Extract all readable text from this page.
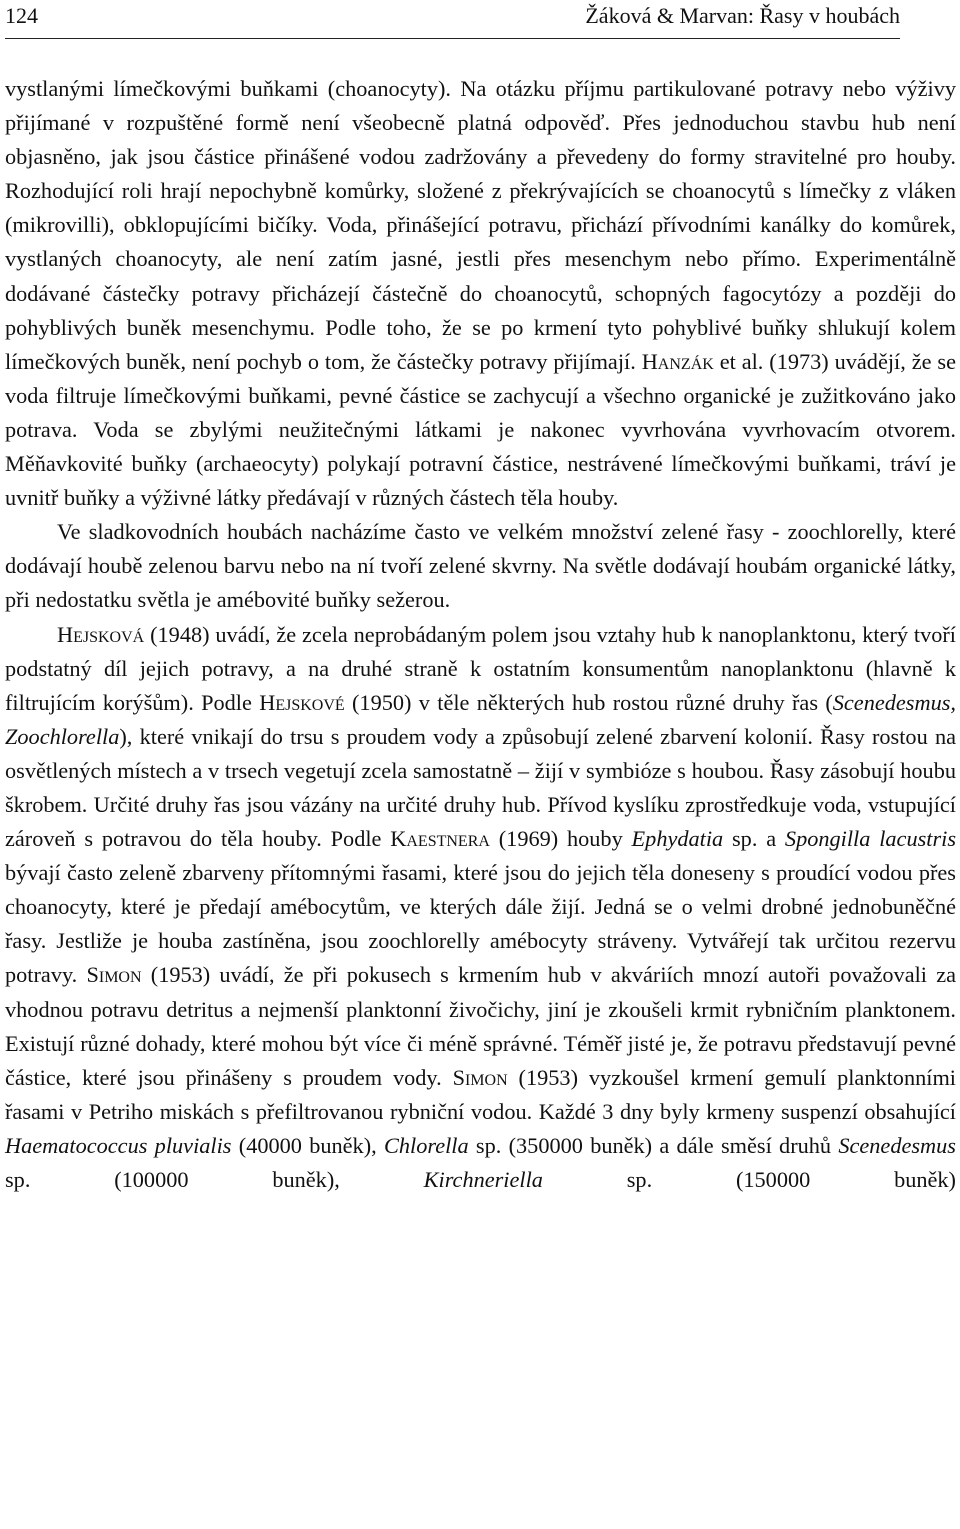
124	Žáková & Marvan: Řasy v houbách

vystlanými límečkovými buňkami (choanocyty). Na otázku příjmu partikulované potravy nebo výživy přijímané v rozpuštěné formě není všeobecně platná odpověď. Přes jednoduchou stavbu hub není objasněno, jak jsou částice přinášené vodou zadržovány a převedeny do formy stravitelné pro houby. Rozhodující roli hrají nepochybně komůrky, složené z překrývajících se choanocytů s límečky z vláken (mikrovilli), obklopujícími bičíky. Voda, přinášející potravu, přichází přívodními kanálky do komůrek, vystlaných choanocyty, ale není zatím jasné, jestli přes mesenchym nebo přímo. Experimentálně dodávané částečky potravy přicházejí částečně do choanocytů, schopných fagocytózy a později do pohyblivých buněk mesenchymu. Podle toho, že se po krmení tyto pohyblivé buňky shlukují kolem límečkových buněk, není pochyb o tom, že částečky potravy přijímají. Hanzák et al. (1973) uvádějí, že se voda filtruje límečkovými buňkami, pevné částice se zachycují a všechno organické je zužitkováno jako potrava. Voda se zbylými neužitečnými látkami je nakonec vyvrhována vyvrhovacím otvorem. Měňavkovité buňky (archaeocyty) polykají potravní částice, nestrávené límečkovými buňkami, tráví je uvnitř buňky a výživné látky předávají v různých částech těla houby.

Ve sladkovodních houbách nacházíme často ve velkém množství zelené řasy - zoochlorelly, které dodávají houbě zelenou barvu nebo na ní tvoří zelené skvrny. Na světle dodávají houbám organické látky, při nedostatku světla je amébovité buňky sežerou.

Hejsková (1948) uvádí, že zcela neprobádaným polem jsou vztahy hub k nanoplanktonu, který tvoří podstatný díl jejich potravy, a na druhé straně k ostatním konsumentům nanoplanktonu (hlavně k filtrujícím korýšům). Podle Hejskové (1950) v těle některých hub rostou různé druhy řas (Scenedesmus, Zoochlorella), které vnikají do trsu s proudem vody a způsobují zelené zbarvení kolonií. Řasy rostou na osvětlených místech a v trsech vegetují zcela samostatně – žijí v symbióze s houbou. Řasy zásobují houbu škrobem. Určité druhy řas jsou vázány na určité druhy hub. Přívod kyslíku zprostředkuje voda, vstupující zároveň s potravou do těla houby. Podle Kaestnera (1969) houby Ephydatia sp. a Spongilla lacustris bývají často zeleně zbarveny přítomnými řasami, které jsou do jejich těla doneseny s proudící vodou přes choanocyty, které je předají amébocytům, ve kterých dále žijí. Jedná se o velmi drobné jednobuněčné řasy. Jestliže je houba zastíněna, jsou zoochlorelly amébocyty stráveny. Vytvářejí tak určitou rezervu potravy. Simon (1953) uvádí, že při pokusech s krmením hub v akváriích mnozí autoři považovali za vhodnou potravu detritus a nejmenší planktonní živočichy, jiní je zkoušeli krmit rybničním planktonem. Existují různé dohady, které mohou být více či méně správné. Téměř jisté je, že potravu představují pevné částice, které jsou přinášeny s proudem vody. Simon (1953) vyzkoušel krmení gemulí planktonními řasami v Petriho miskách s přefiltrovanou rybniční vodou. Každé 3 dny byly krmeny suspenzí obsahující Haematococcus pluvialis (40000 buněk), Chlorella sp. (350000 buněk) a dále směsí druhů Scenedesmus sp. (100000 buněk), Kirchneriella sp. (150000 buněk)
